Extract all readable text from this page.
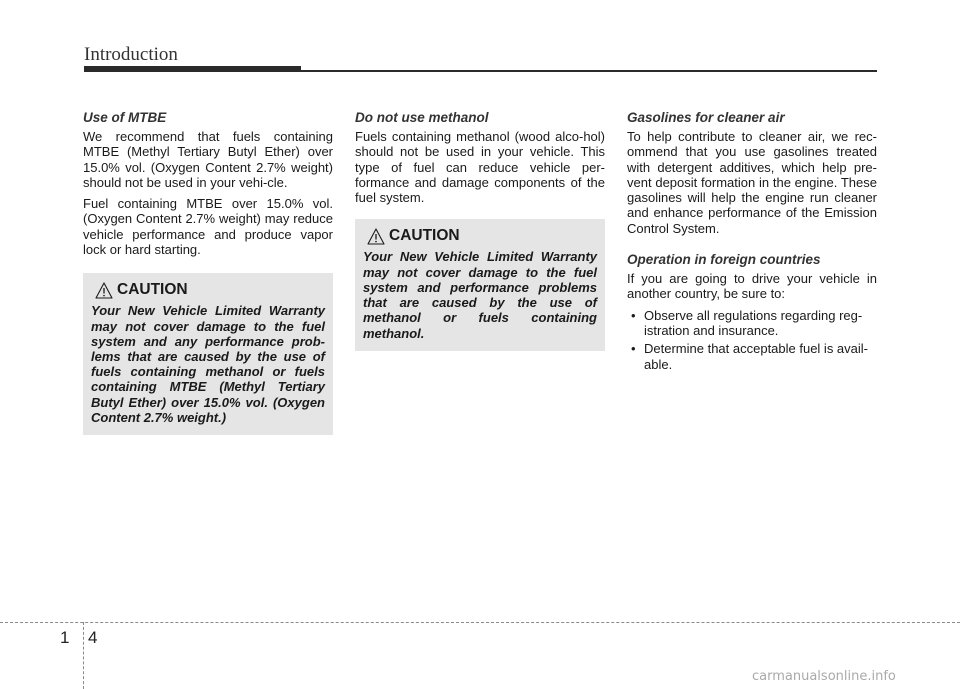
Introduction

Use of MTBE

We recommend that fuels containing MTBE (Methyl Tertiary Butyl Ether) over 15.0% vol. (Oxygen Content 2.7% weight) should not be used in your vehi-cle.

Fuel containing MTBE over 15.0% vol. (Oxygen Content 2.7% weight) may reduce vehicle performance and produce vapor lock or hard starting.

CAUTION

Your New Vehicle Limited Warranty may not cover damage to the fuel system and any performance prob-lems that are caused by the use of fuels containing methanol or fuels containing MTBE (Methyl Tertiary Butyl Ether) over 15.0% vol. (Oxygen Content 2.7% weight.)

Do not use methanol

Fuels containing methanol (wood alco-hol) should not be used in your vehicle. This type of fuel can reduce vehicle per-formance and damage components of the fuel system.

CAUTION

Your New Vehicle Limited Warranty may not cover damage to the fuel system and performance problems that are caused by the use of methanol or fuels containing methanol.

Gasolines for cleaner air

To help contribute to cleaner air, we rec-ommend that you use gasolines treated with detergent additives, which help pre-vent deposit formation in the engine. These gasolines will help the engine run cleaner and enhance performance of the Emission Control System.

Operation in foreign countries

If you are going to drive your vehicle in another country, be sure to:

• Observe all regulations regarding reg-istration and insurance.
• Determine that acceptable fuel is avail-able.
1 4
carmanualsonline.info
